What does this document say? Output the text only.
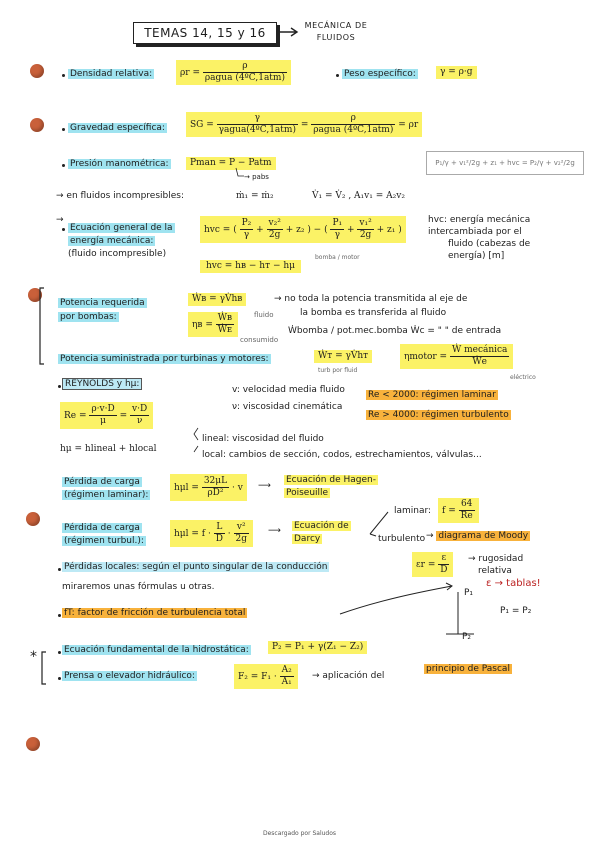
TEMAS 14, 15 y 16
MECÁNICA DE FLUIDOS
Densidad relativa:	$\rho r = \frac{\rho}{\text{ρagua (4ºC,1atm)}}$	Peso específico:	γ = ρ·g
Gravedad específica:	SG = $\frac{\gamma}{\text{γagua(4ºC,1atm)}} = \frac{\rho}{\text{ρagua (4ºC,1atm)}} = \rho r$
Presión manométrica:	Pman = P − Patm
→ pabs
P₁/γ + v₁²/2g + z₁ + hvc = P₂/γ + v₂²/2g
→ en fluidos incompresibles:	ṁ₁ = ṁ₂	V̇₁ = V̇₂ , A₁v₁ = A₂v₂
→
Ecuación general de la
energía mecánica:
(fluido incompresible)
hvc = ( $\frac{\text{P₂}}{\gamma} + \frac{\text{v₂²}}{2g} + z_2$ ) − ( $\frac{\text{P₁}}{\gamma} + \frac{\text{v₁²}}{2g} + z_1$ )
hvc = hʙ − hᴛ − hμ
bomba / motor
hvc: energía mecánica
intercambiada por el
fluido (cabezas de
energía) [m]
Potencia requerida
por bombas:
Ẇʙ = γV̇hʙ	→ no toda la potencia transmitida al eje de
la bomba es transferida al fluido
ηʙ = $\frac{\text{Ẇʙ}}{\text{Ẇᴇ}}$	fluido
consumido
Ẇbomba / pot.mec.bomba Ẇc = " " de entrada
Potencia suministrada por turbinas y motores:	Ẇᴛ = γV̇hᴛ
turb por fluid
ηmotor = $\frac{\text{Ẇ mecánica}}{\text{Ẇe}}$
eléctrico
REYNOLDS y hμ:
v: velocidad media fluido
ν: viscosidad cinemática
Re < 2000: régimen laminar
Re > 4000: régimen turbulento
$Re = \frac{\rho\cdot v\cdot D}{\mu} = \frac{v\cdot D}{\nu}$
hμ = hlineal + hlocal
lineal: viscosidad del fluido
local: cambios de sección, codos, estrechamientos, válvulas...
Pérdida de carga
(régimen laminar):
$h\mu l = \frac{32\mu L}{\text{ρD²}} \cdot v$	⟶
Ecuación de Hagen-
Poiseuille
Pérdida de carga
(régimen turbul.):
$h\mu l = f \cdot \frac{L}{D} \cdot \frac{\text{v²}}{2g}$ ⟶ Ecuación de
Darcy
laminar:	$f = \frac{64}{Re}$
turbulento → diagrama de Moody
$\varepsilon r = \frac{\varepsilon}{D}$ → rugosidad
relativa
ε → tablas!
Pérdidas locales: según el punto singular de la conducción
miraremos unas fórmulas u otras.
fT: factor de fricción de turbulencia total
P₁
P₂
P₁ = P₂
*	Ecuación fundamental de la hidrostática:	P₂ = P₁ + γ(Z₁ − Z₂)
Prensa o elevador hidráulico:	$F_2 = F_1 \cdot \frac{\text{A₂}}{\text{A₁}}$ → aplicación del
principio de Pascal
Descargado por Saludos
